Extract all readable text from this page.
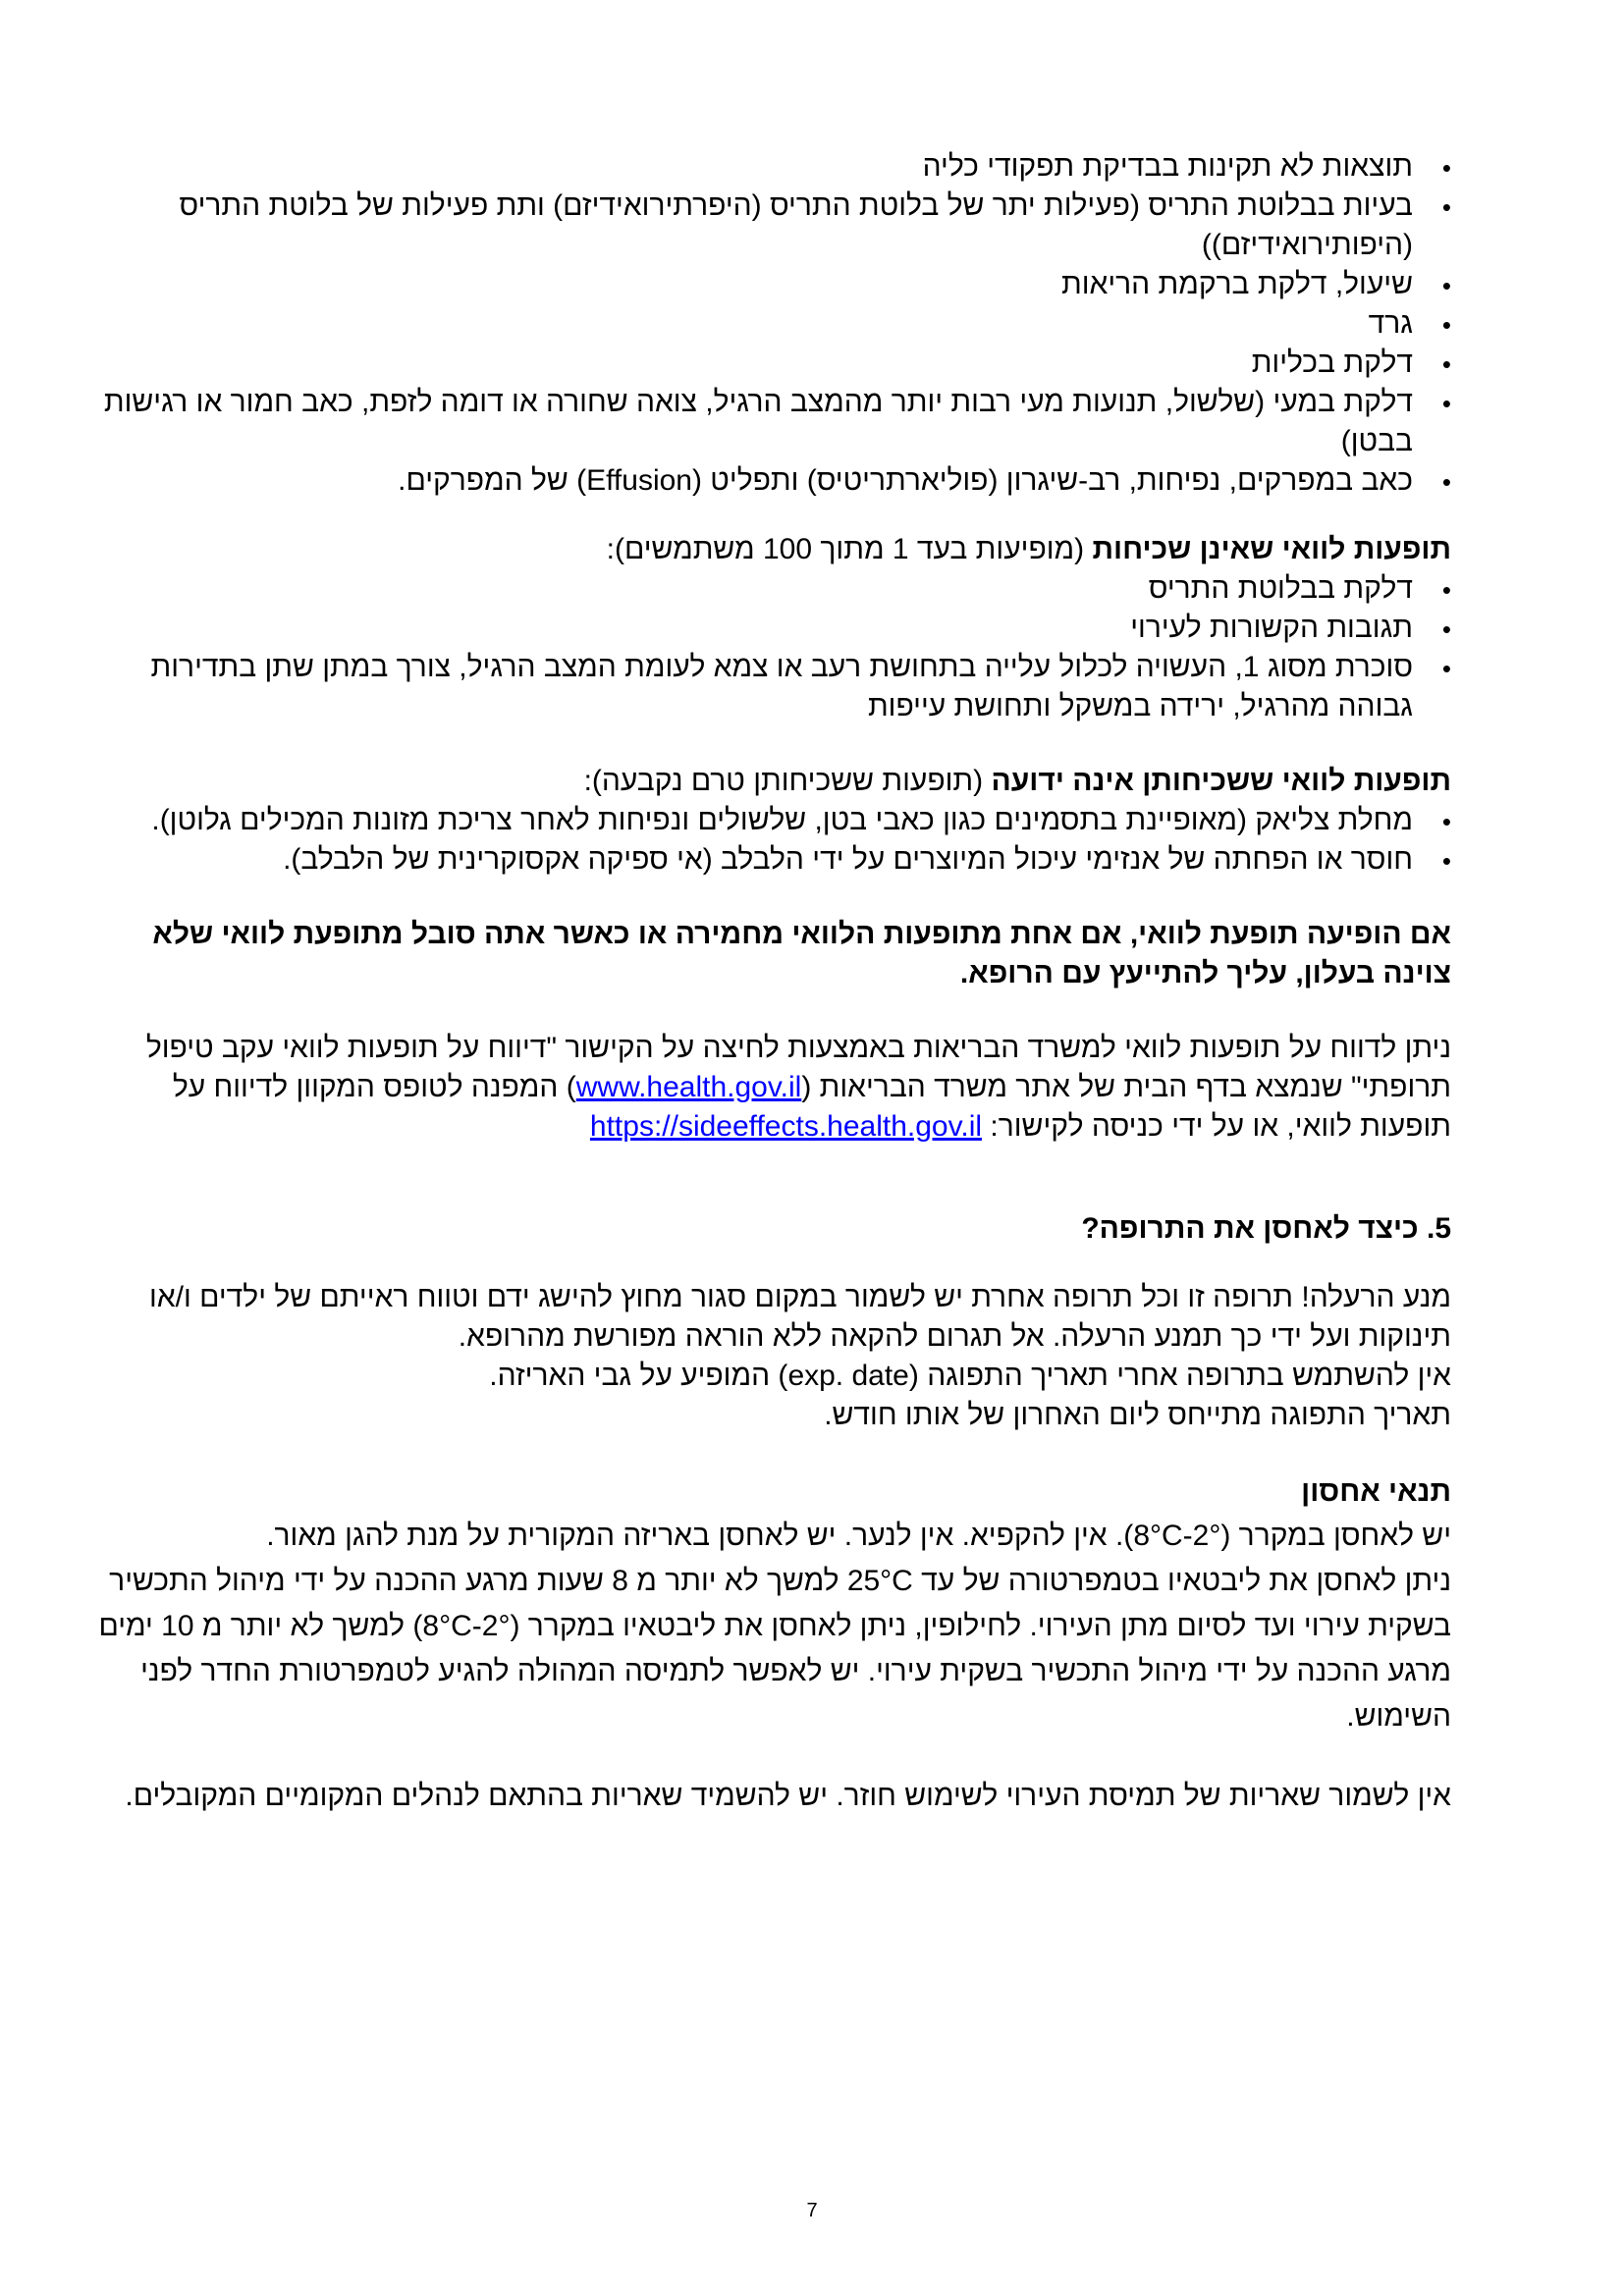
• תוצאות לא תקינות בבדיקת תפקודי כליה
• בעיות בבלוטת התריס (פעילות יתר של בלוטת התריס (היפרתירואידיזם) ותת פעילות של בלוטת התריס (היפותירואידיזם))
• שיעול, דלקת ברקמת הריאות
• גרד
• דלקת בכליות
• דלקת במעי (שלשול, תנועות מעי רבות יותר מהמצב הרגיל, צואה שחורה או דומה לזפת, כאב חמור או רגישות בבטן)
• כאב במפרקים, נפיחות, רב-שיגרון (פוליארתריטיס) ותפליט (Effusion) של המפרקים.

תופעות לוואי שאינן שכיחות (מופיעות בעד 1 מתוך 100 משתמשים):

• דלקת בבלוטת התריס
• תגובות הקשורות לעירוי
• סוכרת מסוג 1, העשויה לכלול עלייה בתחושת רעב או צמא לעומת המצב הרגיל, צורך במתן שתן בתדירות גבוהה מהרגיל, ירידה במשקל ותחושת עייפות

תופעות לוואי ששכיחותן אינה ידועה (תופעות ששכיחותן טרם נקבעה):

• מחלת צליאק (מאופיינת בתסמינים כגון כאבי בטן, שלשולים ונפיחות לאחר צריכת מזונות המכילים גלוטן).
• חוסר או הפחתה של אנזימי עיכול המיוצרים על ידי הלבלב (אי ספיקה אקסוקרינית של הלבלב).

אם הופיעה תופעת לוואי, אם אחת מתופעות הלוואי מחמירה או כאשר אתה סובל מתופעת לוואי שלא צוינה בעלון, עליך להתייעץ עם הרופא.

ניתן לדווח על תופעות לוואי למשרד הבריאות באמצעות לחיצה על הקישור "דיווח על תופעות לוואי עקב טיפול תרופתי" שנמצא בדף הבית של אתר משרד הבריאות (www.health.gov.il) המפנה לטופס המקוון לדיווח על תופעות לוואי, או על ידי כניסה לקישור: https://sideeffects.health.gov.il

5. כיצד לאחסן את התרופה?

מנע הרעלה! תרופה זו וכל תרופה אחרת יש לשמור במקום סגור מחוץ להישג ידם וטווח ראייתם של ילדים ו/או תינוקות ועל ידי כך תמנע הרעלה. אל תגרום להקאה ללא הוראה מפורשת מהרופא.

אין להשתמש בתרופה אחרי תאריך התפוגה (exp. date) המופיע על גבי האריזה.

תאריך התפוגה מתייחס ליום האחרון של אותו חודש.

תנאי אחסון

יש לאחסן במקרר (2°-8°C). אין להקפיא. אין לנער. יש לאחסן באריזה המקורית על מנת להגן מאור.

ניתן לאחסן את ליבטאיו בטמפרטורה של עד 25°C למשך לא יותר מ 8 שעות מרגע ההכנה על ידי מיהול התכשיר בשקית עירוי ועד לסיום מתן העירוי. לחילופין, ניתן לאחסן את ליבטאיו במקרר (2°-8°C) למשך לא יותר מ 10 ימים מרגע ההכנה על ידי מיהול התכשיר בשקית עירוי. יש לאפשר לתמיסה המהולה להגיע לטמפרטורת החדר לפני השימוש.

אין לשמור שאריות של תמיסת העירוי לשימוש חוזר. יש להשמיד שאריות בהתאם לנהלים המקומיים המקובלים.

7
